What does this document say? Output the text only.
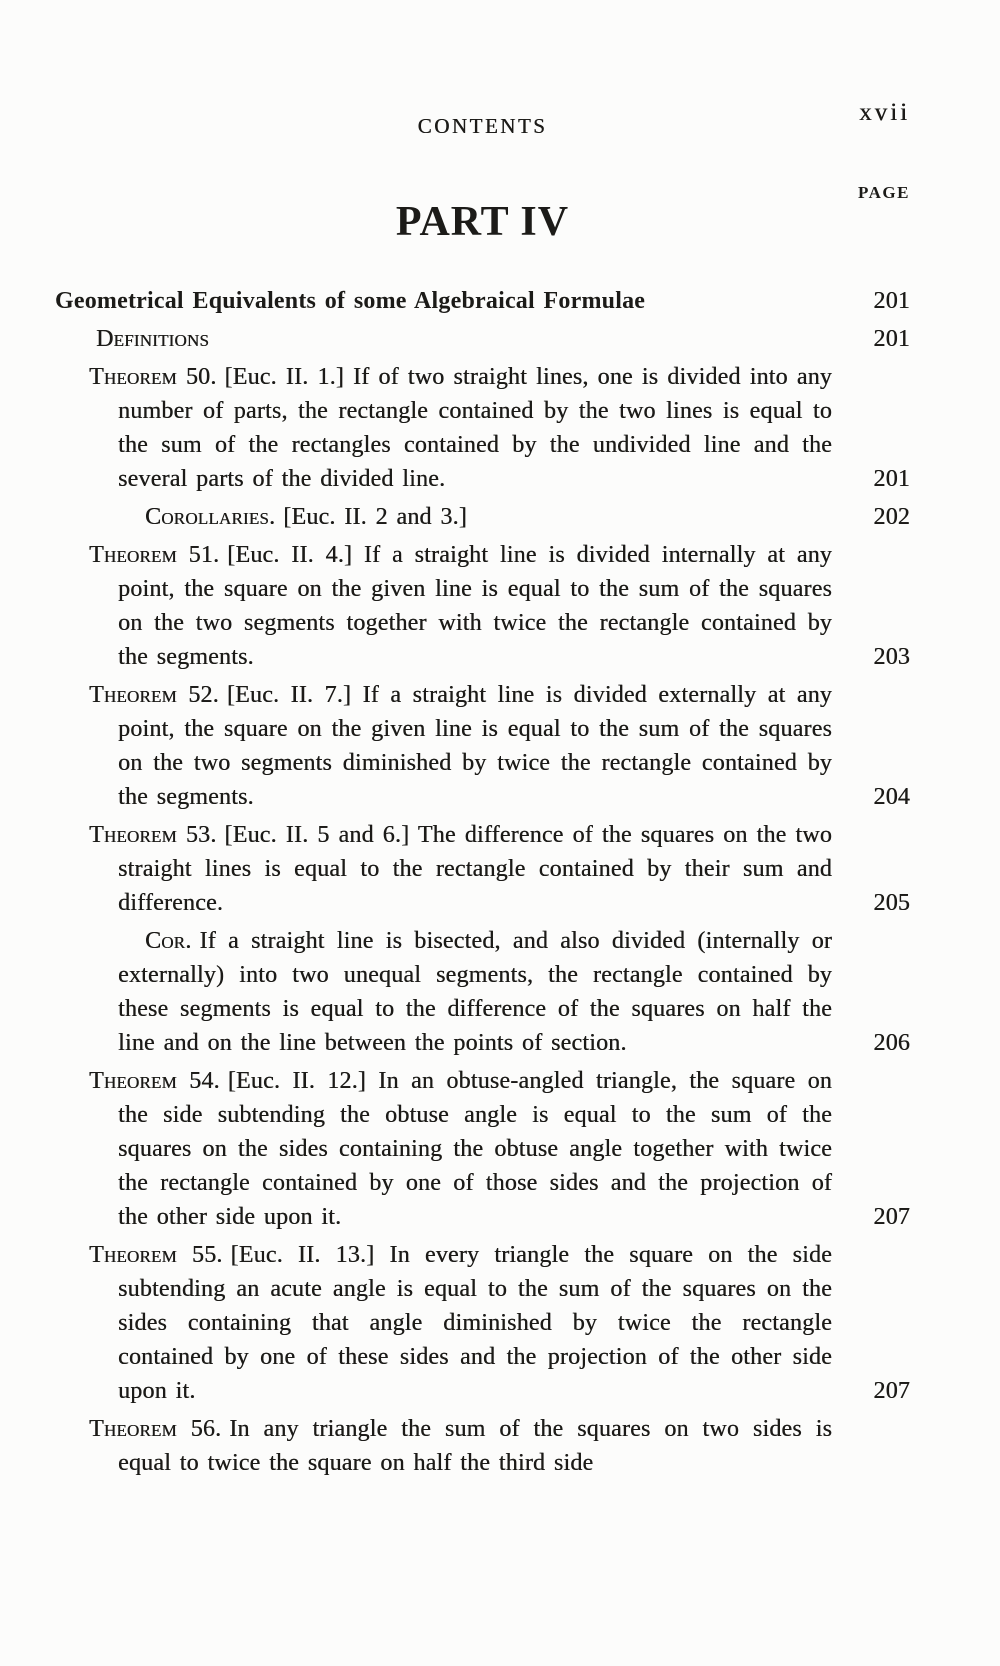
CONTENTS	xvii
PAGE
PART IV
Geometrical Equivalents of some Algebraical Formulae	201
Definitions	201
Theorem 50. [Euc. II. 1.] If of two straight lines, one is divided into any number of parts, the rectangle contained by the two lines is equal to the sum of the rectangles contained by the undivided line and the several parts of the divided line.	201
Corollaries. [Euc. II. 2 and 3.]	202
Theorem 51. [Euc. II. 4.] If a straight line is divided internally at any point, the square on the given line is equal to the sum of the squares on the two segments together with twice the rectangle contained by the segments.	203
Theorem 52. [Euc. II. 7.] If a straight line is divided externally at any point, the square on the given line is equal to the sum of the squares on the two segments diminished by twice the rectangle contained by the segments.	204
Theorem 53. [Euc. II. 5 and 6.] The difference of the squares on the two straight lines is equal to the rectangle contained by their sum and difference.	205
Cor. If a straight line is bisected, and also divided (internally or externally) into two unequal segments, the rectangle contained by these segments is equal to the difference of the squares on half the line and on the line between the points of section.	206
Theorem 54. [Euc. II. 12.] In an obtuse-angled triangle, the square on the side subtending the obtuse angle is equal to the sum of the squares on the sides containing the obtuse angle together with twice the rectangle contained by one of those sides and the projection of the other side upon it.	207
Theorem 55. [Euc. II. 13.] In every triangle the square on the side subtending an acute angle is equal to the sum of the squares on the sides containing that angle diminished by twice the rectangle contained by one of these sides and the projection of the other side upon it.	207
Theorem 56. In any triangle the sum of the squares on two sides is equal to twice the square on half the third side
